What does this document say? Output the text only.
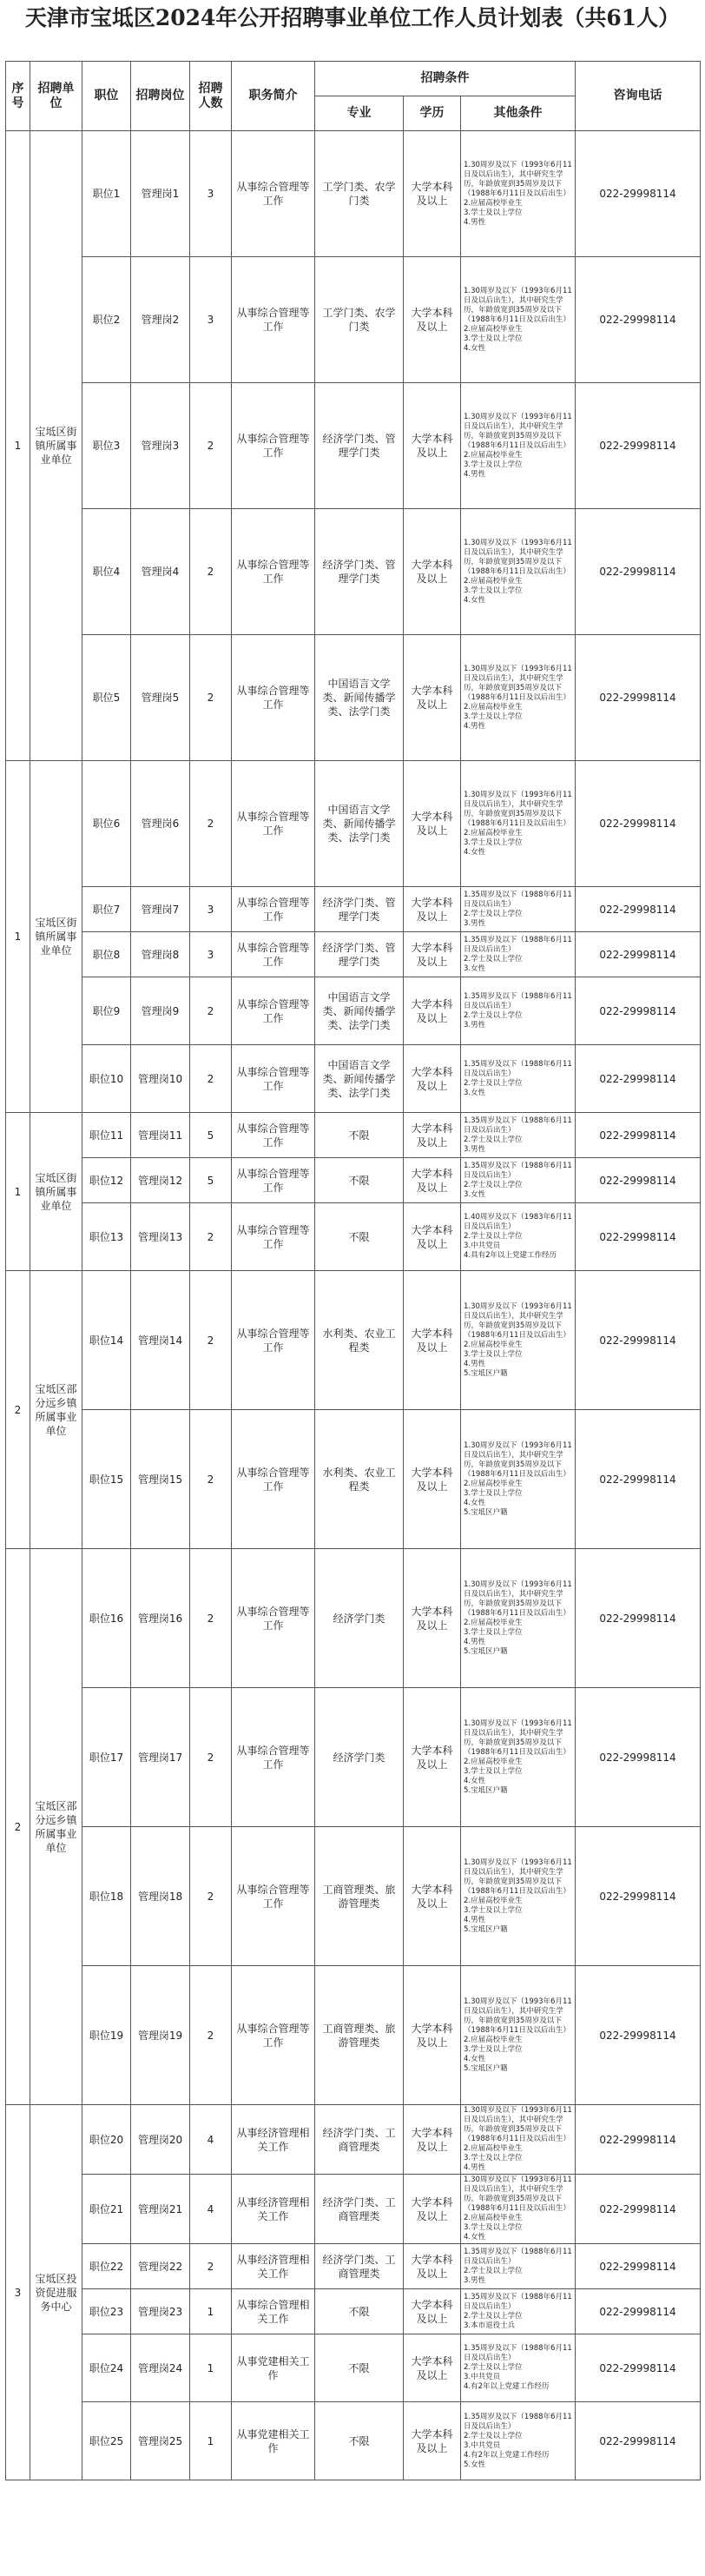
天津市宝坻区2024年公开招聘事业单位工作人员计划表（共61人）
序号	招聘单位	职位	招聘岗位	招聘人数	职务简介	招聘条件			咨询电话
						专业	学历	其他条件	
1	宝坻区街镇所属事业单位	职位1	管理岗1	3	从事综合管理等工作	工学门类、农学门类	大学本科及以上	1.30周岁及以下（1993年6月11日及以后出生），其中研究生学历，年龄放宽到35周岁及以下（1988年6月11日及以后出生）
2.应届高校毕业生
3.学士及以上学位
4.男性	022-29998114
		职位2	管理岗2	3	从事综合管理等工作	工学门类、农学门类	大学本科及以上	1.30周岁及以下（1993年6月11日及以后出生），其中研究生学历，年龄放宽到35周岁及以下（1988年6月11日及以后出生）
2.应届高校毕业生
3.学士及以上学位
4.女性	022-29998114
		职位3	管理岗3	2	从事综合管理等工作	经济学门类、管理学门类	大学本科及以上	1.30周岁及以下（1993年6月11日及以后出生），其中研究生学历，年龄放宽到35周岁及以下（1988年6月11日及以后出生）
2.应届高校毕业生
3.学士及以上学位
4.男性	022-29998114
		职位4	管理岗4	2	从事综合管理等工作	经济学门类、管理学门类	大学本科及以上	1.30周岁及以下（1993年6月11日及以后出生），其中研究生学历，年龄放宽到35周岁及以下（1988年6月11日及以后出生）
2.应届高校毕业生
3.学士及以上学位
4.女性	022-29998114
		职位5	管理岗5	2	从事综合管理等工作	中国语言文学类、新闻传播学类、法学门类	大学本科及以上	1.30周岁及以下（1993年6月11日及以后出生），其中研究生学历，年龄放宽到35周岁及以下（1988年6月11日及以后出生）
2.应届高校毕业生
3.学士及以上学位
4.男性	022-29998114
1	宝坻区街镇所属事业单位	职位6	管理岗6	2	从事综合管理等工作	中国语言文学类、新闻传播学类、法学门类	大学本科及以上	1.30周岁及以下（1993年6月11日及以后出生），其中研究生学历，年龄放宽到35周岁及以下（1988年6月11日及以后出生）
2.应届高校毕业生
3.学士及以上学位
4.女性	022-29998114
		职位7	管理岗7	3	从事综合管理等工作	经济学门类、管理学门类	大学本科及以上	1.35周岁及以下（1988年6月11日及以后出生）
2.学士及以上学位
3.男性	022-29998114
		职位8	管理岗8	3	从事综合管理等工作	经济学门类、管理学门类	大学本科及以上	1.35周岁及以下（1988年6月11日及以后出生）
2.学士及以上学位
3.女性	022-29998114
		职位9	管理岗9	2	从事综合管理等工作	中国语言文学类、新闻传播学类、法学门类	大学本科及以上	1.35周岁及以下（1988年6月11日及以后出生）
2.学士及以上学位
3.男性	022-29998114
		职位10	管理岗10	2	从事综合管理等工作	中国语言文学类、新闻传播学类、法学门类	大学本科及以上	1.35周岁及以下（1988年6月11日及以后出生）
2.学士及以上学位
3.女性	022-29998114
1	宝坻区街镇所属事业单位	职位11	管理岗11	5	从事综合管理等工作	不限	大学本科及以上	1.35周岁及以下（1988年6月11日及以后出生）
2.学士及以上学位
3.男性	022-29998114
		职位12	管理岗12	5	从事综合管理等工作	不限	大学本科及以上	1.35周岁及以下（1988年6月11日及以后出生）
2.学士及以上学位
3.女性	022-29998114
		职位13	管理岗13	2	从事综合管理等工作	不限	大学本科及以上	1.40周岁及以下（1983年6月11日及以后出生）
2.学士及以上学位
3.中共党员
4.具有2年以上党建工作经历	022-29998114
2	宝坻区部分远乡镇所属事业单位	职位14	管理岗14	2	从事综合管理等工作	水利类、农业工程类	大学本科及以上	1.30周岁及以下（1993年6月11日及以后出生），其中研究生学历，年龄放宽到35周岁及以下（1988年6月11日及以后出生）
2.应届高校毕业生
3.学士及以上学位
4.男性
5.宝坻区户籍	022-29998114
		职位15	管理岗15	2	从事综合管理等工作	水利类、农业工程类	大学本科及以上	1.30周岁及以下（1993年6月11日及以后出生），其中研究生学历，年龄放宽到35周岁及以下（1988年6月11日及以后出生）
2.应届高校毕业生
3.学士及以上学位
4.女性
5.宝坻区户籍	022-29998114
2	宝坻区部分远乡镇所属事业单位	职位16	管理岗16	2	从事综合管理等工作	经济学门类	大学本科及以上	1.30周岁及以下（1993年6月11日及以后出生），其中研究生学历，年龄放宽到35周岁及以下（1988年6月11日及以后出生）
2.应届高校毕业生
3.学士及以上学位
4.男性
5.宝坻区户籍	022-29998114
		职位17	管理岗17	2	从事综合管理等工作	经济学门类	大学本科及以上	1.30周岁及以下（1993年6月11日及以后出生），其中研究生学历，年龄放宽到35周岁及以下（1988年6月11日及以后出生）
2.应届高校毕业生
3.学士及以上学位
4.女性
5.宝坻区户籍	022-29998114
		职位18	管理岗18	2	从事综合管理等工作	工商管理类、旅游管理类	大学本科及以上	1.30周岁及以下（1993年6月11日及以后出生），其中研究生学历，年龄放宽到35周岁及以下（1988年6月11日及以后出生）
2.应届高校毕业生
3.学士及以上学位
4.男性
5.宝坻区户籍	022-29998114
		职位19	管理岗19	2	从事综合管理等工作	工商管理类、旅游管理类	大学本科及以上	1.30周岁及以下（1993年6月11日及以后出生），其中研究生学历，年龄放宽到35周岁及以下（1988年6月11日及以后出生）
2.应届高校毕业生
3.学士及以上学位
4.女性
5.宝坻区户籍	022-29998114
3	宝坻区投资促进服务中心	职位20	管理岗20	4	从事经济管理相关工作	经济学门类、工商管理类	大学本科及以上	1.30周岁及以下（1993年6月11日及以后出生），其中研究生学历，年龄放宽到35周岁及以下（1988年6月11日及以后出生）
2.应届高校毕业生
3.学士及以上学位
4.男性	022-29998114
		职位21	管理岗21	4	从事经济管理相关工作	经济学门类、工商管理类	大学本科及以上	1.30周岁及以下（1993年6月11日及以后出生），其中研究生学历，年龄放宽到35周岁及以下（1988年6月11日及以后出生）
2.应届高校毕业生
3.学士及以上学位
4.女性	022-29998114
		职位22	管理岗22	2	从事经济管理相关工作	经济学门类、工商管理类	大学本科及以上	1.35周岁及以下（1988年6月11日及以后出生）
2.学士及以上学位
3.男性	022-29998114
		职位23	管理岗23	1	从事综合管理相关工作	不限	大学本科及以上	1.35周岁及以下（1988年6月11日及以后出生）
2.学士及以上学位
3.本市退役士兵	022-29998114
		职位24	管理岗24	1	从事党建相关工作	不限	大学本科及以上	1.35周岁及以下（1988年6月11日及以后出生）
2.学士及以上学位
3.中共党员
4.有2年以上党建工作经历	022-29998114
		职位25	管理岗25	1	从事党建相关工作	不限	大学本科及以上	1.35周岁及以下（1988年6月11日及以后出生）
2.学士及以上学位
3.中共党员
4.有2年以上党建工作经历
5.女性	022-29998114
